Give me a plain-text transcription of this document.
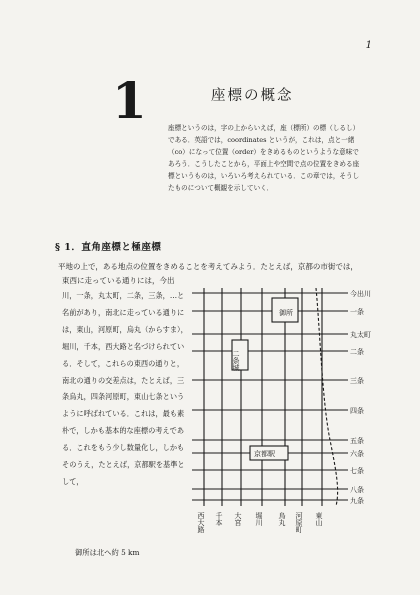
1
1	座標の概念

座標というのは，字の上からいえば，座（標所）の標（しるし）である．英語では，coordinates というが，これは，点と一緒（co）になって位置（order）をきめるものというような意味であろう．こうしたことから，平面上や空間で点の位置をきめる座標というものは，いろいろ考えられている．この章では，そうしたものについて概観を示していく．

§ 1．直角座標と極座標
平地の上で，ある地点の位置をきめることを考えてみよう．たとえば，京都の市街では，
東西に走っている通りには，今出
川，一条，丸太町，二条，三条，…と名前があり，南北に走っている通りには，東山，河原町，烏丸（からすま），堀川，千本，西大路と名づけられている．そして，これらの東西の通りと，南北の通りの交差点は，たとえば，三条烏丸，四条河原町，東山七条というように呼ばれている．これは，最も素朴で，しかも基本的な座標の考えである．これをもう少し数量化し，しかもそのうえ，たとえば，京都駅を基準として，
御所は北へ約 5 km
御所
二条城
京都駅
今出川
一条
丸太町
二条
三条
四条
五条
六条
七条
八条
九条
西大路 千本 大宮 堀川 烏丸 河原町 東山
